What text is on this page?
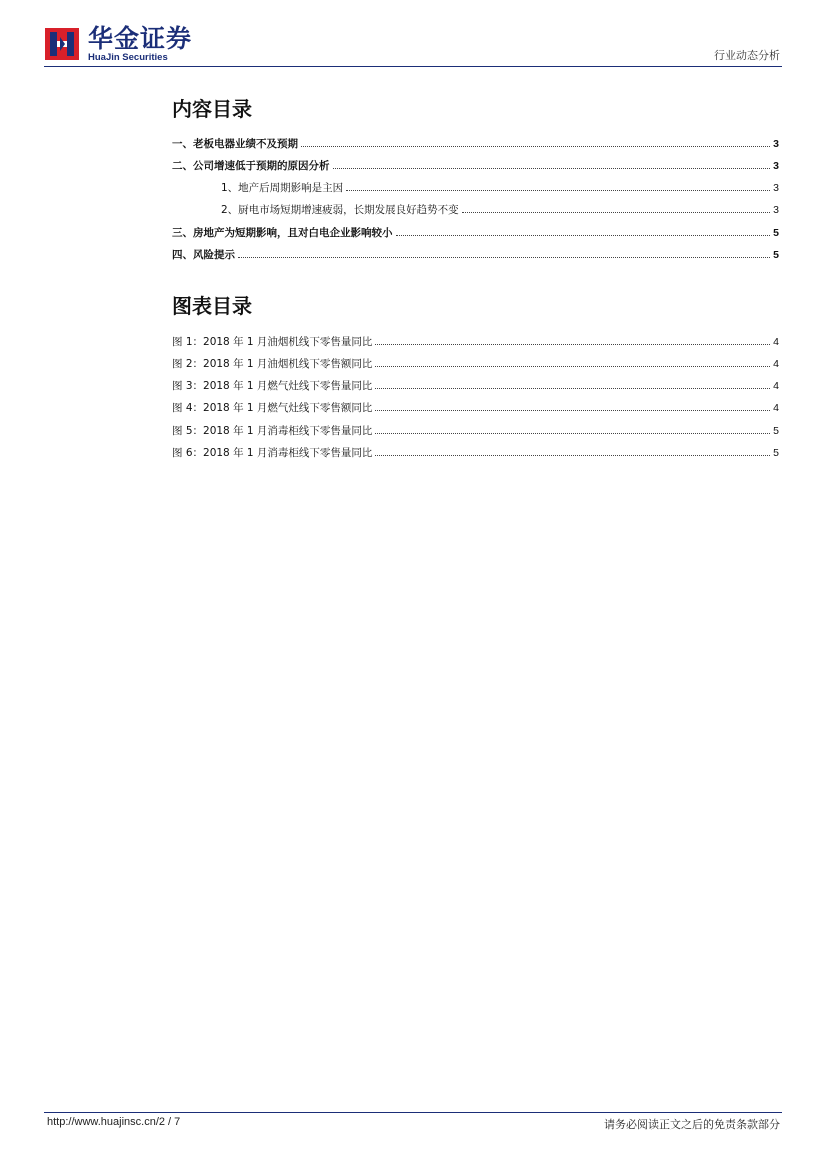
华金证券
HuaJin Securities	行业动态分析
内容目录
一、老板电器业绩不及预期	3
二、公司增速低于预期的原因分析	3
1、地产后周期影响是主因	3
2、厨电市场短期增速疲弱，长期发展良好趋势不变	3
三、房地产为短期影响，且对白电企业影响较小	5
四、风险提示	5
图表目录
图 1：2018 年 1 月油烟机线下零售量同比	4
图 2：2018 年 1 月油烟机线下零售额同比	4
图 3：2018 年 1 月燃气灶线下零售量同比	4
图 4：2018 年 1 月燃气灶线下零售额同比	4
图 5：2018 年 1 月消毒柜线下零售量同比	5
图 6：2018 年 1 月消毒柜线下零售量同比	5
http://www.huajinsc.cn/2 / 7	请务必阅读正文之后的免责条款部分
